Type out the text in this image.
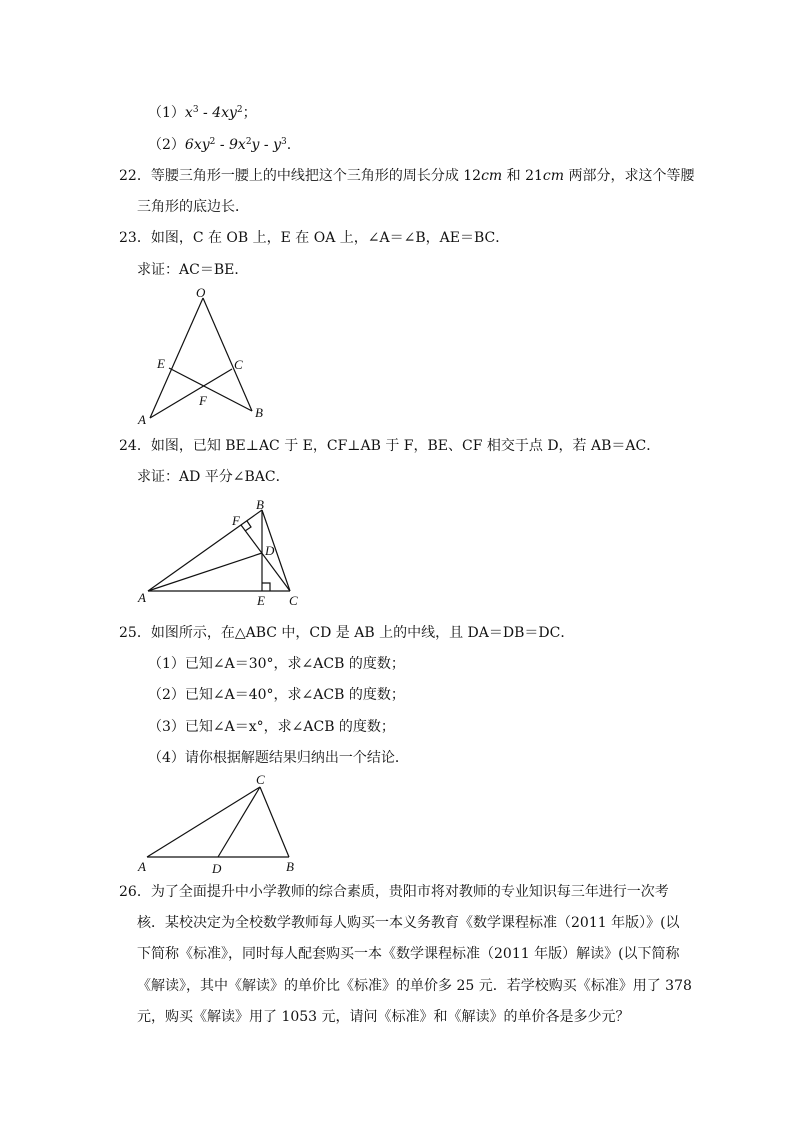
$(1)x^3 - 4xy^2$；
$(2)6xy^2 - 9x^2y - y^3$.
22．等腰三角形一腰上的中线把这个三角形的周长分成 12cm 和 21cm 两部分，求这个等腰
三角形的底边长．
23．如图，C 在 OB 上，E 在 OA 上，∠A＝∠B，AE＝BC．
求证：AC＝BE．
24．如图，已知 BE⊥AC 于 E，CF⊥AB 于 F，BE、CF 相交于点 D，若 AB＝AC．
求证：AD 平分∠BAC．
25．如图所示，在△ABC 中，CD 是 AB 上的中线，且 DA＝DB＝DC．
（1）已知∠A＝30°，求∠ACB 的度数；
（2）已知∠A＝40°，求∠ACB 的度数；
（3）已知∠A＝x°，求∠ACB 的度数；
（4）请你根据解题结果归纳出一个结论．
26．为了全面提升中小学教师的综合素质，贵阳市将对教师的专业知识每三年进行一次考
核．某校决定为全校数学教师每人购买一本义务教育《数学课程标准（2011 年版）》(以
下简称《标准》，同时每人配套购买一本《数学课程标准（2011 年版）解读》(以下简称
《解读》，其中《解读》的单价比《标准》的单价多 25 元．若学校购买《标准》用了 378
元，购买《解读》用了 1053 元，请问《标准》和《解读》的单价各是多少元？
O
E	C
F
A	B
B
F
D
A	E C
C
A	D	B
